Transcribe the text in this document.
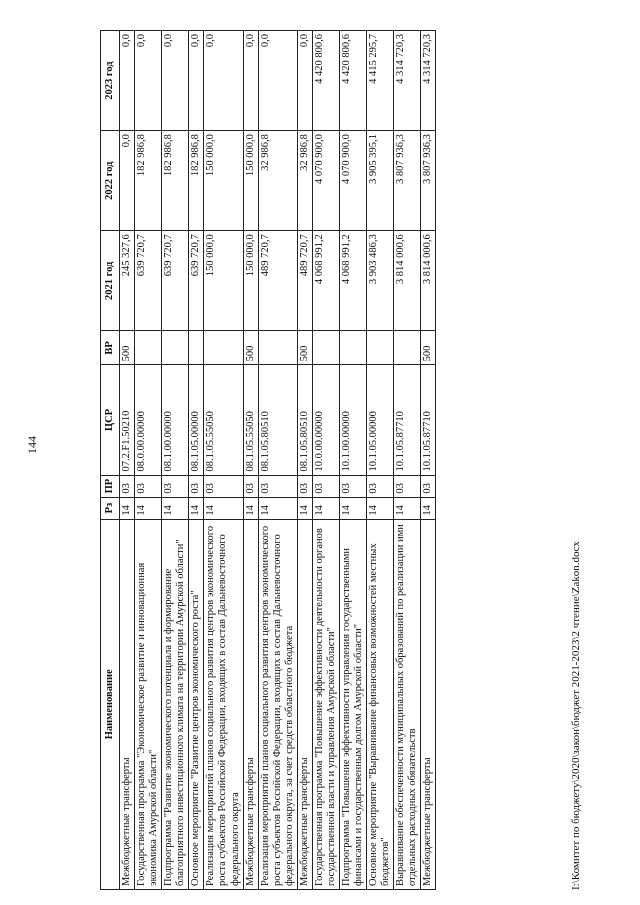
Наименование	Рз	ПР	ЦСР	ВР	2021 год	2022 год	2023 год
Межбюджетные трансферты	14	03	07.2.F1.50210	500	245 327,6	0,0	0,0
Государственная программа "Экономическое развитие и инновационная экономика Амурской области"	14	03	08.0.00.00000		639 720,7	182 986,8	0,0
Подпрограмма "Развитие экономического потенциала и формирование благоприятного инвестиционного климата на территории Амурской области"	14	03	08.1.00.00000		639 720,7	182 986,8	0,0
Основное мероприятие "Развитие центров экономического роста"	14	03	08.1.05.00000		639 720,7	182 986,8	0,0
Реализация мероприятий планов социального развития центров экономического роста субъектов Российской Федерации, входящих в состав Дальневосточного федерального округа	14	03	08.1.05.55050		150 000,0	150 000,0	0,0
Межбюджетные трансферты	14	03	08.1.05.55050	500	150 000,0	150 000,0	0,0
Реализация мероприятий планов социального развития центров экономического роста субъектов Российской Федерации, входящих в состав Дальневосточного федерального округа, за счет средств областного бюджета	14	03	08.1.05.80510		489 720,7	32 986,8	0,0
Межбюджетные трансферты	14	03	08.1.05.80510	500	489 720,7	32 986,8	0,0
Государственная программа "Повышение эффективности деятельности органов государственной власти и управления Амурской области"	14	03	10.0.00.00000		4 068 991,2	4 070 900,0	4 420 800,6
Подпрограмма "Повышение эффективности управления государственными финансами и государственным долгом Амурской области"	14	03	10.1.00.00000		4 068 991,2	4 070 900,0	4 420 800,6
Основное мероприятие "Выравнивание финансовых возможностей местных бюджетов"	14	03	10.1.05.00000		3 903 486,3	3 905 395,1	4 415 295,7
Выравнивание обеспеченности муниципальных образований по реализации ими отдельных расходных обязательств	14	03	10.1.05.87710		3 814 000,6	3 807 936,3	4 314 720,3
Межбюджетные трансферты	14	03	10.1.05.87710	500	3 814 000,6	3 807 936,3	4 314 720,3
I:\Комитет по бюджету\2020\закон\бюджет 2021-2023\2 чтение\Zakon.docx
144
